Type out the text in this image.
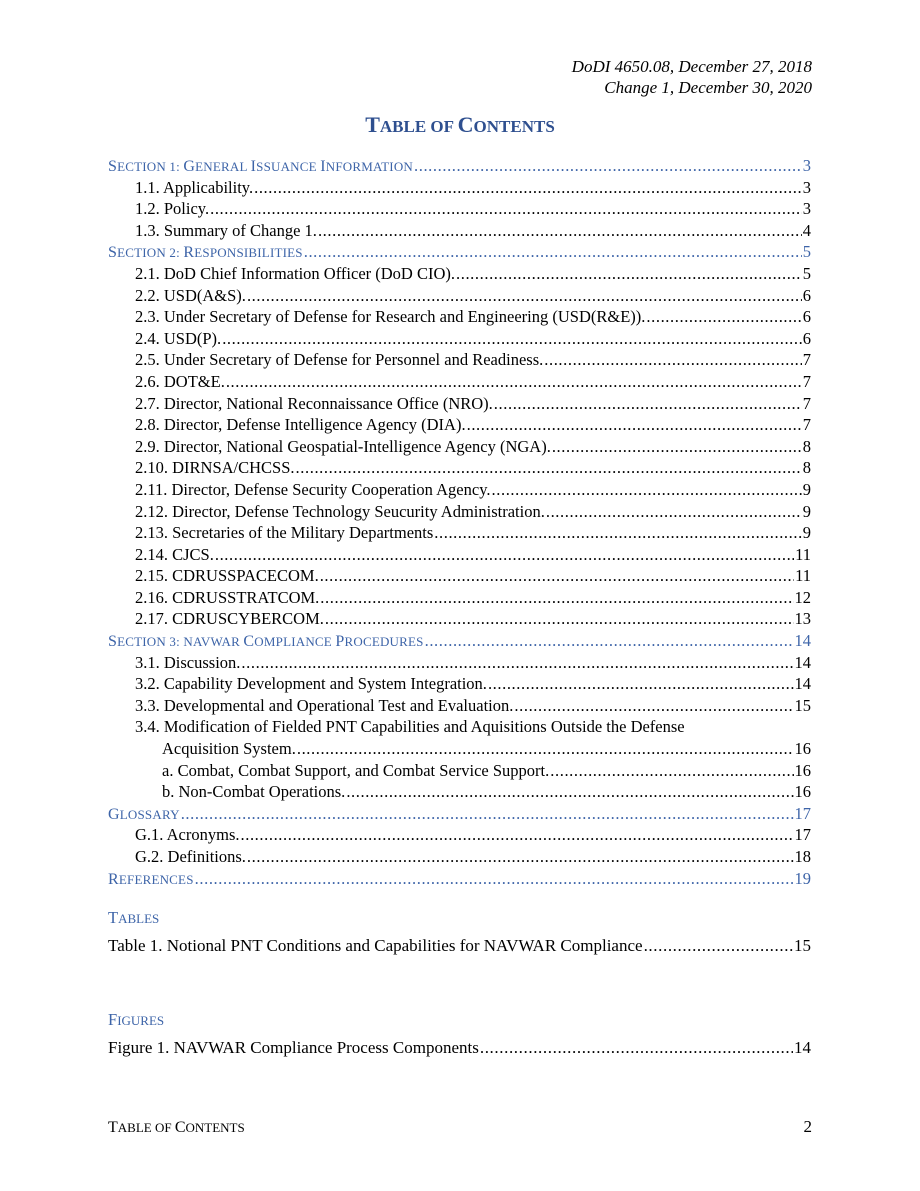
DoDI 4650.08, December 27, 2018
Change 1, December 30, 2020
TABLE OF CONTENTS
SECTION 1: GENERAL ISSUANCE INFORMATION .....	3
1.1. Applicability. .....	3
1.2. Policy. .....	3
1.3. Summary of Change 1. .....	4
SECTION 2: RESPONSIBILITIES .....	5
2.1. DoD Chief Information Officer (DoD CIO). .....	5
2.2. USD(A&S). .....	6
2.3. Under Secretary of Defense for Research and Engineering (USD(R&E)). .....	6
2.4. USD(P). .....	6
2.5. Under Secretary of Defense for Personnel and Readiness. .....	7
2.6. DOT&E. .....	7
2.7. Director, National Reconnaissance Office (NRO). .....	7
2.8. Director, Defense Intelligence Agency (DIA). .....	7
2.9. Director, National Geospatial-Intelligence Agency (NGA). .....	8
2.10. DIRNSA/CHCSS. .....	8
2.11. Director, Defense Security Cooperation Agency. .....	9
2.12. Director, Defense Technology Seucurity Administration. .....	9
2.13. Secretaries of the Military Departments .....	9
2.14. CJCS. .....	11
2.15. CDRUSSPACECOM. .....	11
2.16. CDRUSSTRATCOM. .....	12
2.17. CDRUSCYBERCOM. .....	13
SECTION 3: NAVWAR COMPLIANCE PROCEDURES .....	14
3.1. Discussion. .....	14
3.2. Capability Development and System Integration. .....	14
3.3. Developmental and Operational Test and Evaluation. .....	15
3.4. Modification of Fielded PNT Capabilities and Aquisitions Outside the Defense
Acquisition System. .....	16
a. Combat, Combat Support, and Combat Service Support. .....	16
b. Non-Combat Operations. .....	16
GLOSSARY .....	17
G.1. Acronyms. .....	17
G.2. Definitions. .....	18
REFERENCES .....	19
TABLES
Table 1. Notional PNT Conditions and Capabilities for NAVWAR Compliance .....	15
FIGURES
Figure 1. NAVWAR Compliance Process Components .....	14
TABLE OF CONTENTS	2
